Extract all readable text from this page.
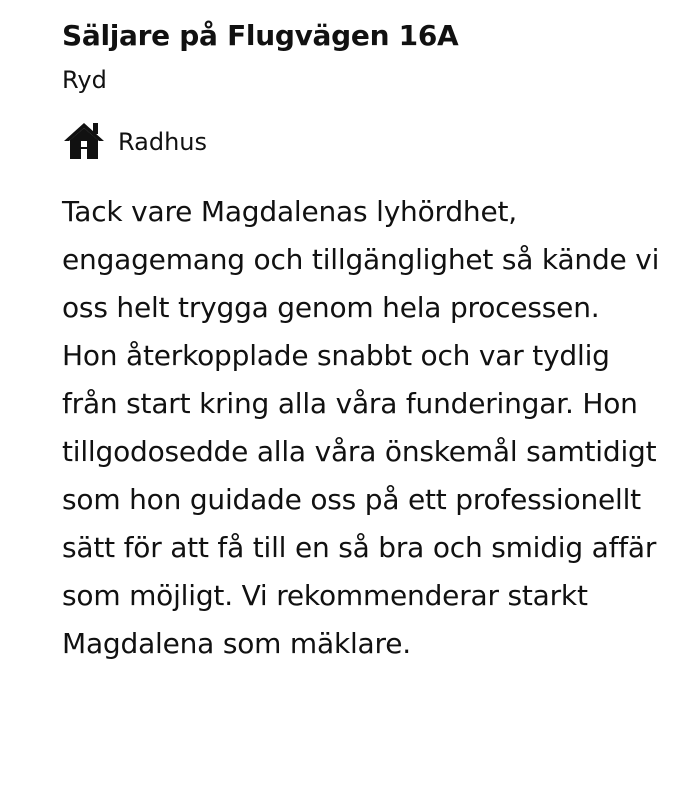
Säljare på Flugvägen 16A
Ryd
Radhus

Tack vare Magdalenas lyhördhet, engagemang och tillgänglighet så kände vi oss helt trygga genom hela processen. Hon återkopplade snabbt och var tydlig från start kring alla våra funderingar. Hon tillgodosedde alla våra önskemål samtidigt som hon guidade oss på ett professionellt sätt för att få till en så bra och smidig affär som möjligt. Vi rekommenderar starkt Magdalena som mäklare.
